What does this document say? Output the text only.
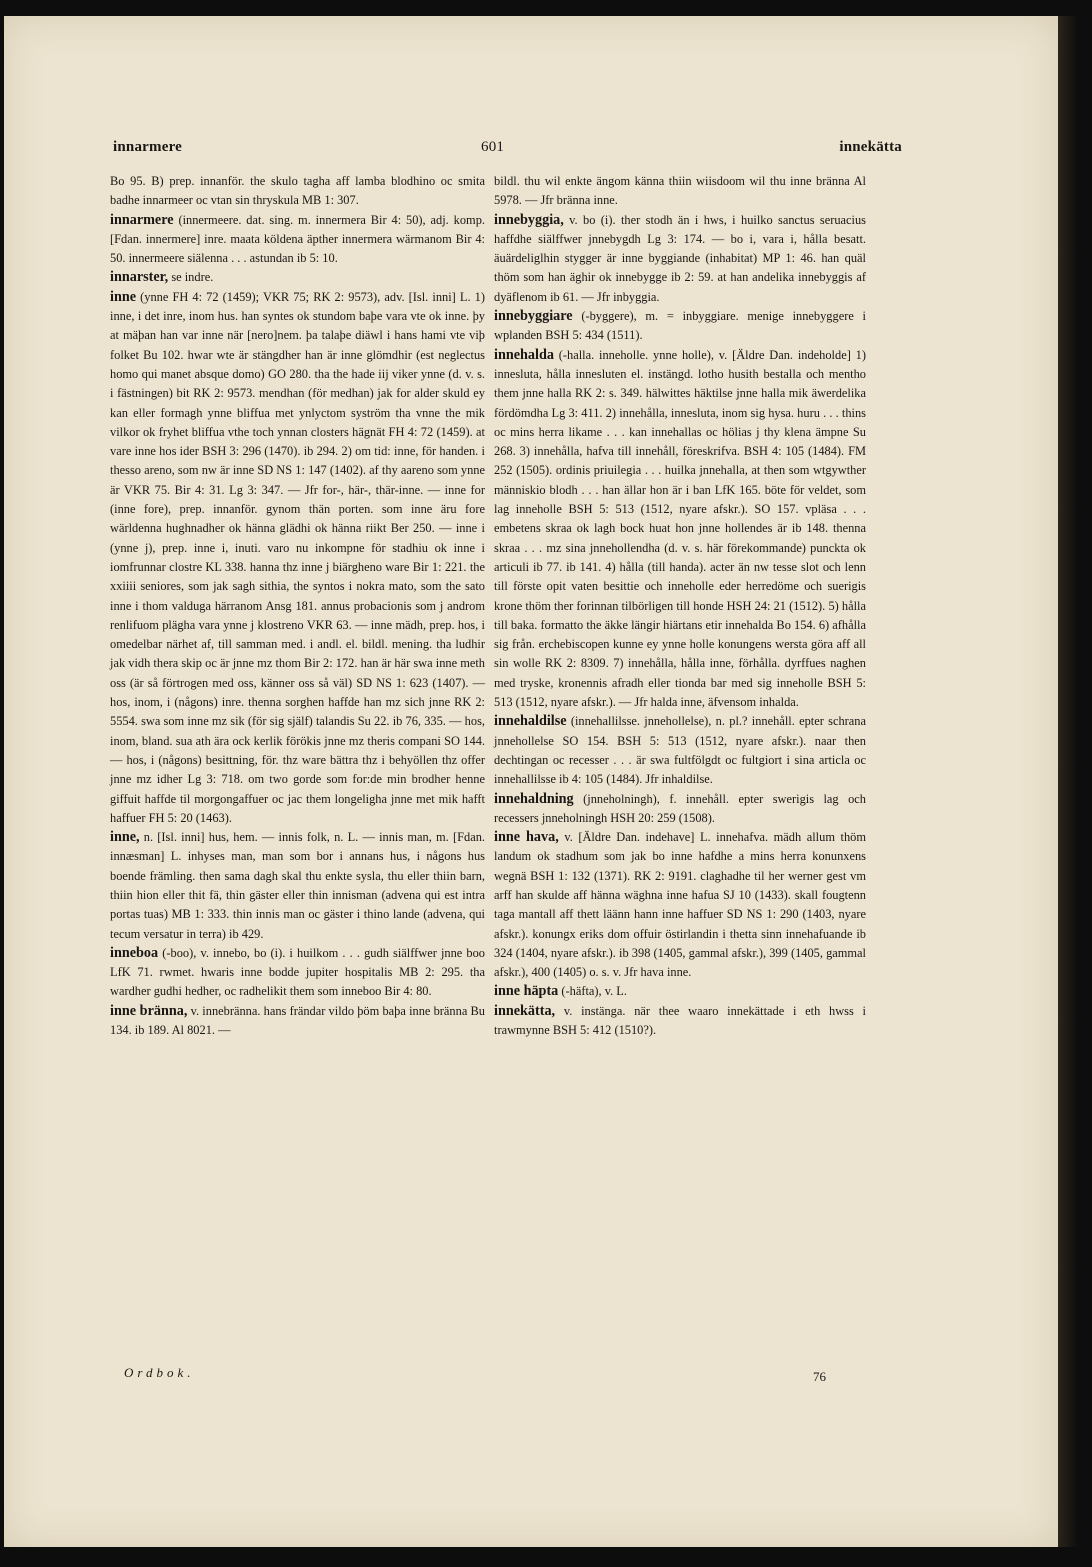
innarmere	601	innekätta

Bo 95. B) prep. innanför. the skulo tagha aff lamba blodhino oc smita badhe innarmeer oc vtan sin thryskula MB 1: 307.

innarmere (innermeere. dat. sing. m. innermera Bir 4: 50), adj. komp. [Fdan. innermere] inre. maata köldena äpther innermera wärmanom Bir 4: 50. innermeere siälenna . . . astundan ib 5: 10.

innarster, se indre.

inne (ynne FH 4: 72 (1459); VKR 75; RK 2: 9573), adv. [Isl. inni] L. 1) inne, i det inre, inom hus. han syntes ok stundom baþe vara vte ok inne. þy at mäþan han var inne när [nero]nem. þa talaþe diäwl i hans hami vte viþ folket Bu 102. hwar wte är stängdher han är inne glömdhir (est neglectus homo qui manet absque domo) GO 280. tha the hade iij viker ynne (d. v. s. i fästningen) bit RK 2: 9573. mendhan (för medhan) jak for alder skuld ey kan eller formagh ynne bliffua met ynlyctom syström tha vnne the mik vilkor ok fryhet bliffua vthe toch ynnan closters hägnät FH 4: 72 (1459). at vare inne hos ider BSH 3: 296 (1470). ib 294. 2) om tid: inne, för handen. i thesso areno, som nw är inne SD NS 1: 147 (1402). af thy aareno som ynne är VKR 75. Bir 4: 31. Lg 3: 347. — Jfr for-, här-, thär-inne. — inne for (inne fore), prep. innanför. gynom thän porten. som inne äru fore wärldenna hughnadher ok hänna glädhi ok hänna riikt Ber 250. — inne i (ynne j), prep. inne i, inuti. varo nu inkompne för stadhiu ok inne i iomfrunnar clostre KL 338. hanna thz inne j biärgheno ware Bir 1: 221. the xxiiii seniores, som jak sagh sithia, the syntos i nokra mato, som the sato inne i thom valduga härranom Ansg 181. annus probacionis som j androm renlifuom plägha vara ynne j klostreno VKR 63. — inne mädh, prep. hos, i omedelbar närhet af, till samman med. i andl. el. bildl. mening. tha ludhir jak vidh thera skip oc är jnne mz thom Bir 2: 172. han är här swa inne meth oss (är så förtrogen med oss, känner oss så väl) SD NS 1: 623 (1407). — hos, inom, i (någons) inre. thenna sorghen haffde han mz sich jnne RK 2: 5554. swa som inne mz sik (för sig själf) talandis Su 22. ib 76, 335. — hos, inom, bland. sua ath ära ock kerlik förökis jnne mz theris compani SO 144. — hos, i (någons) besittning, för. thz ware bättra thz i behyöllen thz offer jnne mz idher Lg 3: 718. om two gorde som for:de min brodher henne giffuit haffde til morgongaffuer oc jac them longeligha jnne met mik hafft haffuer FH 5: 20 (1463).

inne, n. [Isl. inni] hus, hem. — innis folk, n. L. — innis man, m. [Fdan. innæsman] L. inhyses man, man som bor i annans hus, i någons hus boende främling. then sama dagh skal thu enkte sysla, thu eller thiin barn, thiin hion eller thit fä, thin gäster eller thin innisman (advena qui est intra portas tuas) MB 1: 333. thin innis man oc gäster i thino lande (advena, qui tecum versatur in terra) ib 429.

inneboa (-boo), v. innebo, bo (i). i huilkom . . . gudh siälffwer jnne boo LfK 71. rwmet. hwaris inne bodde jupiter hospitalis MB 2: 295. tha wardher gudhi hedher, oc radhelikit them som inneboo Bir 4: 80.

inne bränna, v. innebränna. hans frändar vildo þöm baþa inne bränna Bu 134. ib 189. Al 8021. —

bildl. thu wil enkte ängom känna thiin wiisdoom wil thu inne bränna Al 5978. — Jfr bränna inne.

innebyggia, v. bo (i). ther stodh än i hws, i huilko sanctus seruacius haffdhe siälffwer jnnebygdh Lg 3: 174. — bo i, vara i, hålla besatt. äuärdeliglhin stygger är inne byggiande (inhabitat) MP 1: 46. han quäl thöm som han äghir ok innebygge ib 2: 59. at han andelika innebyggis af dyäflenom ib 61. — Jfr inbyggia.

innebyggiare (-byggere), m. = inbyggiare. menige innebyggere i wplanden BSH 5: 434 (1511).

innehalda (-halla. inneholle. ynne holle), v. [Äldre Dan. indeholde] 1) innesluta, hålla innesluten el. instängd. lotho husith bestalla och mentho them jnne halla RK 2: s. 349. hälwittes häktilse jnne halla mik äwerdelika fördömdha Lg 3: 411. 2) innehålla, innesluta, inom sig hysa. huru . . . thins oc mins herra likame . . . kan innehallas oc hölias j thy klena ämpne Su 268. 3) innehålla, hafva till innehåll, föreskrifva. BSH 4: 105 (1484). FM 252 (1505). ordinis priuilegia . . . huilka jnnehalla, at then som wtgywther människio blodh . . . han ällar hon är i ban LfK 165. böte för veldet, som lag inneholle BSH 5: 513 (1512, nyare afskr.). SO 157. vpläsa . . . embetens skraa ok lagh bock huat hon jnne hollendes är ib 148. thenna skraa . . . mz sina jnnehollendha (d. v. s. här förekommande) punckta ok articuli ib 77. ib 141. 4) hålla (till handa). acter än nw tesse slot och lenn till förste opit vaten besittie och inneholle eder herredöme och suerigis krone thöm ther forinnan tilbörligen till honde HSH 24: 21 (1512). 5) hålla till baka. formatto the äkke längir hiärtans etir innehalda Bo 154. 6) afhålla sig från. erchebiscopen kunne ey ynne holle konungens wersta göra aff all sin wolle RK 2: 8309. 7) innehålla, hålla inne, förhålla. dyrffues naghen med tryske, kronennis afradh eller tionda bar med sig inneholle BSH 5: 513 (1512, nyare afskr.). — Jfr halda inne, äfvensom inhalda.

innehaldilse (innehallilsse. jnnehollelse), n. pl.? innehåll. epter schrana jnnehollelse SO 154. BSH 5: 513 (1512, nyare afskr.). naar then dechtingan oc recesser . . . är swa fultfölgdt oc fultgiort i sina articla oc innehallilsse ib 4: 105 (1484). Jfr inhaldilse.

innehaldning (jnneholningh), f. innehåll. epter swerigis lag och recessers jnneholningh HSH 20: 259 (1508).

inne hava, v. [Äldre Dan. indehave] L. innehafva. mädh allum thöm landum ok stadhum som jak bo inne hafdhe a mins herra konunxens wegnä BSH 1: 132 (1371). RK 2: 9191. claghadhe til her werner gest vm arff han skulde aff hänna wäghna inne hafua SJ 10 (1433). skall fougtenn taga mantall aff thett läänn hann inne haffuer SD NS 1: 290 (1403, nyare afskr.). konungx eriks dom offuir östirlandin i thetta sinn innehafuande ib 324 (1404, nyare afskr.). ib 398 (1405, gammal afskr.), 399 (1405, gammal afskr.), 400 (1405) o. s. v. Jfr hava inne.

inne häpta (-häfta), v. L.

innekätta, v. instänga. när thee waaro innekättade i eth hwss i trawmynne BSH 5: 412 (1510?).

Ordbok.	76
